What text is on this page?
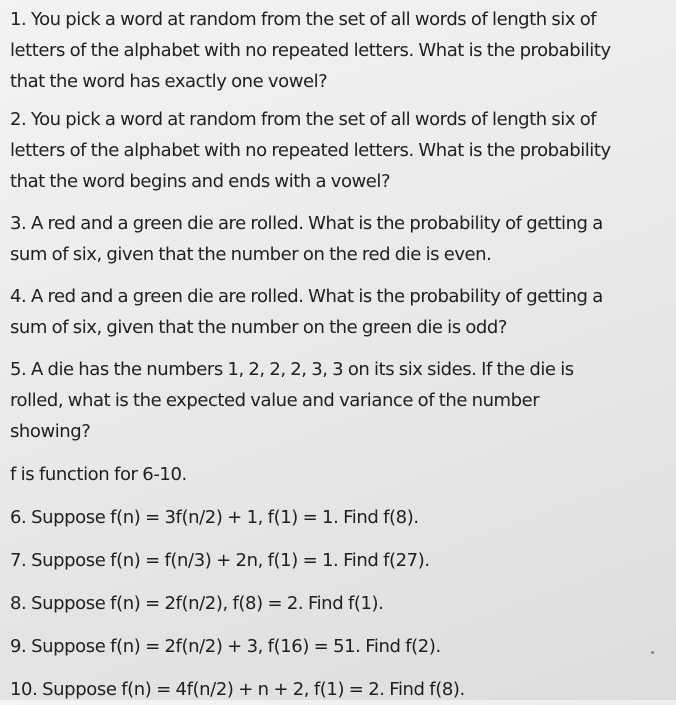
1. You pick a word at random from the set of all words of length six of
letters of the alphabet with no repeated letters. What is the probability
that the word has exactly one vowel?
2. You pick a word at random from the set of all words of length six of
letters of the alphabet with no repeated letters. What is the probability
that the word begins and ends with a vowel?
3. A red and a green die are rolled. What is the probability of getting a
sum of six, given that the number on the red die is even.
4. A red and a green die are rolled. What is the probability of getting a
sum of six, given that the number on the green die is odd?
5. A die has the numbers 1, 2, 2, 2, 3, 3 on its six sides. If the die is
rolled, what is the expected value and variance of the number
showing?
f is function for 6-10.
6. Suppose f(n) = 3f(n/2) + 1, f(1) = 1. Find f(8).
7. Suppose f(n) = f(n/3) + 2n, f(1) = 1. Find f(27).
8. Suppose f(n) = 2f(n/2), f(8) = 2. Find f(1).
9. Suppose f(n) = 2f(n/2) + 3, f(16) = 51. Find f(2).
10. Suppose f(n) = 4f(n/2) + n + 2, f(1) = 2. Find f(8).
